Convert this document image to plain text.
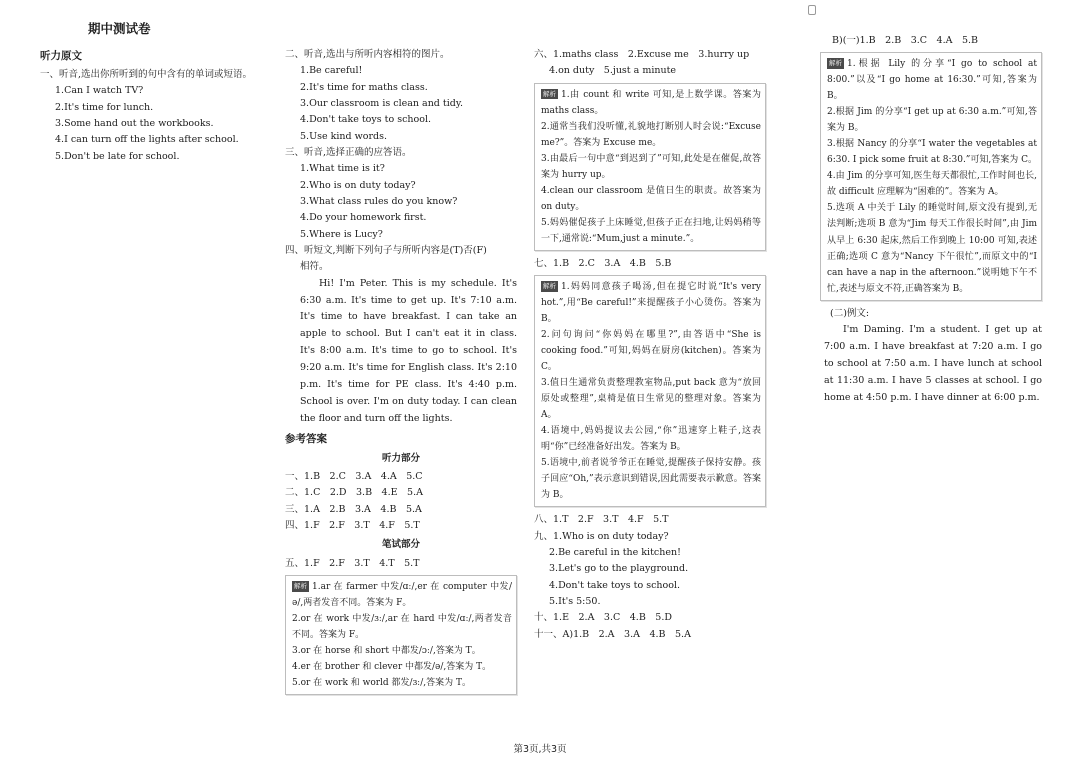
期中测试卷
听力原文
一、听音,选出你所听到的句中含有的单词或短语。
1.Can I watch TV?
2.It's time for lunch.
3.Some hand out the workbooks.
4.I can turn off the lights after school.
5.Don't be late for school.
二、听音,选出与所听内容相符的图片。
1.Be careful!
2.It's time for maths class.
3.Our classroom is clean and tidy.
4.Don't take toys to school.
5.Use kind words.
三、听音,选择正确的应答语。
1.What time is it?
2.Who is on duty today?
3.What class rules do you know?
4.Do your homework first.
5.Where is Lucy?
四、听短文,判断下列句子与所听内容是(T)否(F)
相符。
Hi! I'm Peter. This is my schedule. It's 6:30 a.m. It's time to get up. It's 7:10 a.m. It's time to have breakfast. I can take an apple to school. But I can't eat it in class. It's 8:00 a.m. It's time to go to school. It's 9:20 a.m. It's time for English class. It's 2:10 p.m. It's time for PE class. It's 4:40 p.m. School is over. I'm on duty today. I can clean the floor and turn off the lights.
参考答案
听力部分
一、1.B　2.C　3.A　4.A　5.C
二、1.C　2.D　3.B　4.E　5.A
三、1.A　2.B　3.A　4.B　5.A
四、1.F　2.F　3.T　4.F　5.T
笔试部分
五、1.F　2.F　3.T　4.T　5.T
解析 1.ar 在 farmer 中发/ɑː/,er 在 computer 中发/ə/,两者发音不同。答案为 F。
2.or 在 work 中发/ɜː/,ar 在 hard 中发/ɑː/,两者发音不同。答案为 F。
3.or 在 horse 和 short 中都发/ɔː/,答案为 T。
4.er 在 brother 和 clever 中都发/ə/,答案为 T。
5.or 在 work 和 world 都发/ɜː/,答案为 T。
六、1.maths class　2.Excuse me　3.hurry up
4.on duty　5.just a minute
解析 1.由 count 和 write 可知,是上数学课。答案为 maths class。
2.通常当我们没听懂,礼貌地打断别人时会说:“Excuse me?”。答案为 Excuse me。
3.由最后一句中意“到迟到了”可知,此处是在催促,故答案为 hurry up。
4.clean our classroom 是值日生的职责。故答案为 on duty。
5.妈妈催促孩子上床睡觉,但孩子正在扫地,让妈妈稍等一下,通常说:“Mum,just a minute.”。
七、1.B　2.C　3.A　4.B　5.B
解析 1.妈妈同意孩子喝汤,但在提它时说“It's very hot.”,用“Be careful!”来提醒孩子小心烫伤。答案为 B。
2.问句询问“你妈妈在哪里?”,由答语中“She is cooking food.”可知,妈妈在厨房(kitchen)。答案为 C。
3.值日生通常负责整理教室物品,put back 意为“放回原处或整理”,桌椅是值日生常见的整理对象。答案为 A。
4.语境中,妈妈提议去公园,“你”迅速穿上鞋子,这表明“你”已经准备好出发。答案为 B。
5.语境中,前者说爷爷正在睡觉,提醒孩子保持安静。孩子回应“Oh,”表示意识到错误,因此需要表示歉意。答案为 B。
八、1.T　2.F　3.T　4.F　5.T
九、1.Who is on duty today?
2.Be careful in the kitchen!
3.Let's go to the playground.
4.Don't take toys to school.
5.It's 5:50.
十、1.E　2.A　3.C　4.B　5.D
十一、A)1.B　2.A　3.A　4.B　5.A
B)(一)1.B　2.B　3.C　4.A　5.B
解析 1.根据 Lily 的分享“I go to school at 8:00.”以及“I go home at 16:30.”可知,答案为 B。
2.根据 Jim 的分享“I get up at 6:30 a.m.”可知,答案为 B。
3.根据 Nancy 的分享“I water the vegetables at 6:30. I pick some fruit at 8:30.”可知,答案为 C。
4.由 Jim 的分享可知,医生每天都很忙,工作时间也长,故 difficult 应理解为“困难的”。答案为 A。
5.选项 A 中关于 Lily 的睡觉时间,原文没有提到,无法判断;选项 B 意为“Jim 每天工作很长时间”,由 Jim 从早上 6:30 起床,然后工作到晚上 10:00 可知,表述正确;选项 C 意为“Nancy 下午很忙”,而原文中的“I can have a nap in the afternoon.”说明她下午不忙,表述与原文不符,正确答案为 B。
(二)例文:
I'm Daming. I'm a student. I get up at 7:00 a.m. I have breakfast at 7:20 a.m. I go to school at 7:50 a.m. I have lunch at school at 11:30 a.m. I have 5 classes at school. I go home at 4:50 p.m. I have dinner at 6:00 p.m.
第3页,共3页
